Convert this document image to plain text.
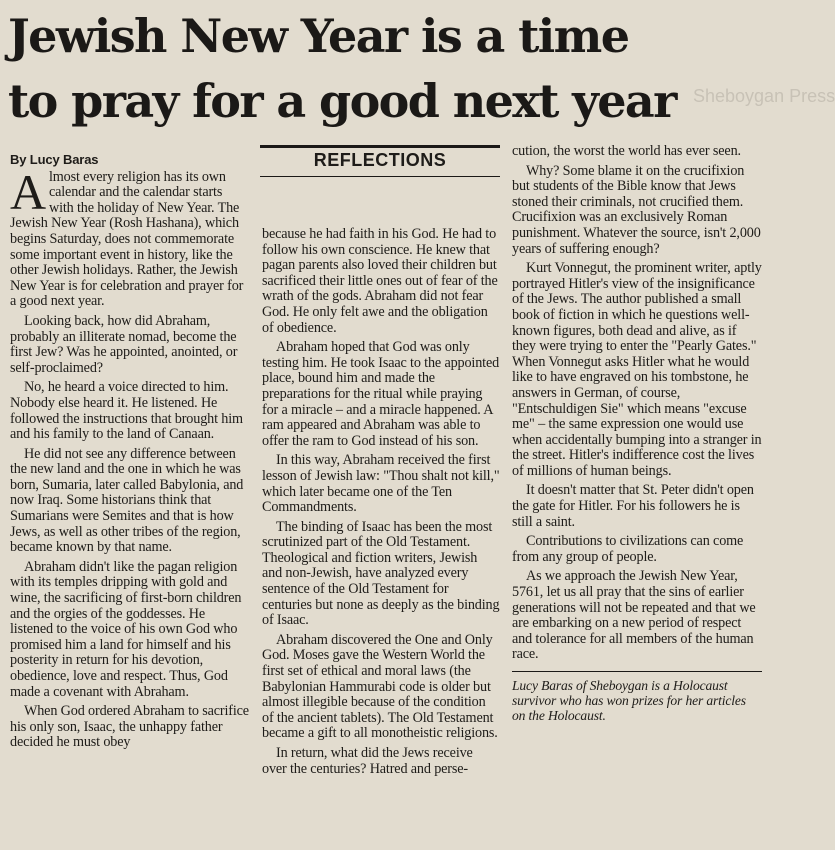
Jewish New Year is a time
to pray for a good next year Sheboygan Press
REFLECTIONS
By Lucy Baras

Almost every religion has its own calendar and the calendar starts with the holiday of New Year. The Jewish New Year (Rosh Hashana), which begins Saturday, does not commemorate some important event in history, like the other Jewish holidays. Rather, the Jewish New Year is for celebration and prayer for a good next year.

Looking back, how did Abraham, probably an illiterate nomad, become the first Jew? Was he appointed, anointed, or self-proclaimed?

No, he heard a voice directed to him. Nobody else heard it. He listened. He followed the instructions that brought him and his family to the land of Canaan.

He did not see any difference between the new land and the one in which he was born, Sumaria, later called Babylonia, and now Iraq. Some historians think that Sumarians were Semites and that is how Jews, as well as other tribes of the region, became known by that name.

Abraham didn't like the pagan religion with its temples dripping with gold and wine, the sacrificing of first-born children and the orgies of the goddesses. He listened to the voice of his own God who promised him a land for himself and his posterity in return for his devotion, obedience, love and respect. Thus, God made a covenant with Abraham.

When God ordered Abraham to sacrifice his only son, Isaac, the unhappy father decided he must obey

because he had faith in his God. He had to follow his own conscience. He knew that pagan parents also loved their children but sacrificed their little ones out of fear of the wrath of the gods. Abraham did not fear God. He only felt awe and the obligation of obedience.

Abraham hoped that God was only testing him. He took Isaac to the appointed place, bound him and made the preparations for the ritual while praying for a miracle – and a miracle happened. A ram appeared and Abraham was able to offer the ram to God instead of his son.

In this way, Abraham received the first lesson of Jewish law: "Thou shalt not kill," which later became one of the Ten Commandments.

The binding of Isaac has been the most scrutinized part of the Old Testament. Theological and fiction writers, Jewish and non-Jewish, have analyzed every sentence of the Old Testament for centuries but none as deeply as the binding of Isaac.

Abraham discovered the One and Only God. Moses gave the Western World the first set of ethical and moral laws (the Babylonian Hammurabi code is older but almost illegible because of the condition of the ancient tablets). The Old Testament became a gift to all monotheistic religions.

In return, what did the Jews receive over the centuries? Hatred and perse-

cution, the worst the world has ever seen.

Why? Some blame it on the crucifixion but students of the Bible know that Jews stoned their criminals, not crucified them. Crucifixion was an exclusively Roman punishment. Whatever the source, isn't 2,000 years of suffering enough?

Kurt Vonnegut, the prominent writer, aptly portrayed Hitler's view of the insignificance of the Jews. The author published a small book of fiction in which he questions well-known figures, both dead and alive, as if they were trying to enter the "Pearly Gates." When Vonnegut asks Hitler what he would like to have engraved on his tombstone, he answers in German, of course, "Entschuldigen Sie" which means "excuse me" – the same expression one would use when accidentally bumping into a stranger in the street. Hitler's indifference cost the lives of millions of human beings.

It doesn't matter that St. Peter didn't open the gate for Hitler. For his followers he is still a saint.

Contributions to civilizations can come from any group of people.

As we approach the Jewish New Year, 5761, let us all pray that the sins of earlier generations will not be repeated and that we are embarking on a new period of respect and tolerance for all members of the human race.

Lucy Baras of Sheboygan is a Holocaust survivor who has won prizes for her articles on the Holocaust.
